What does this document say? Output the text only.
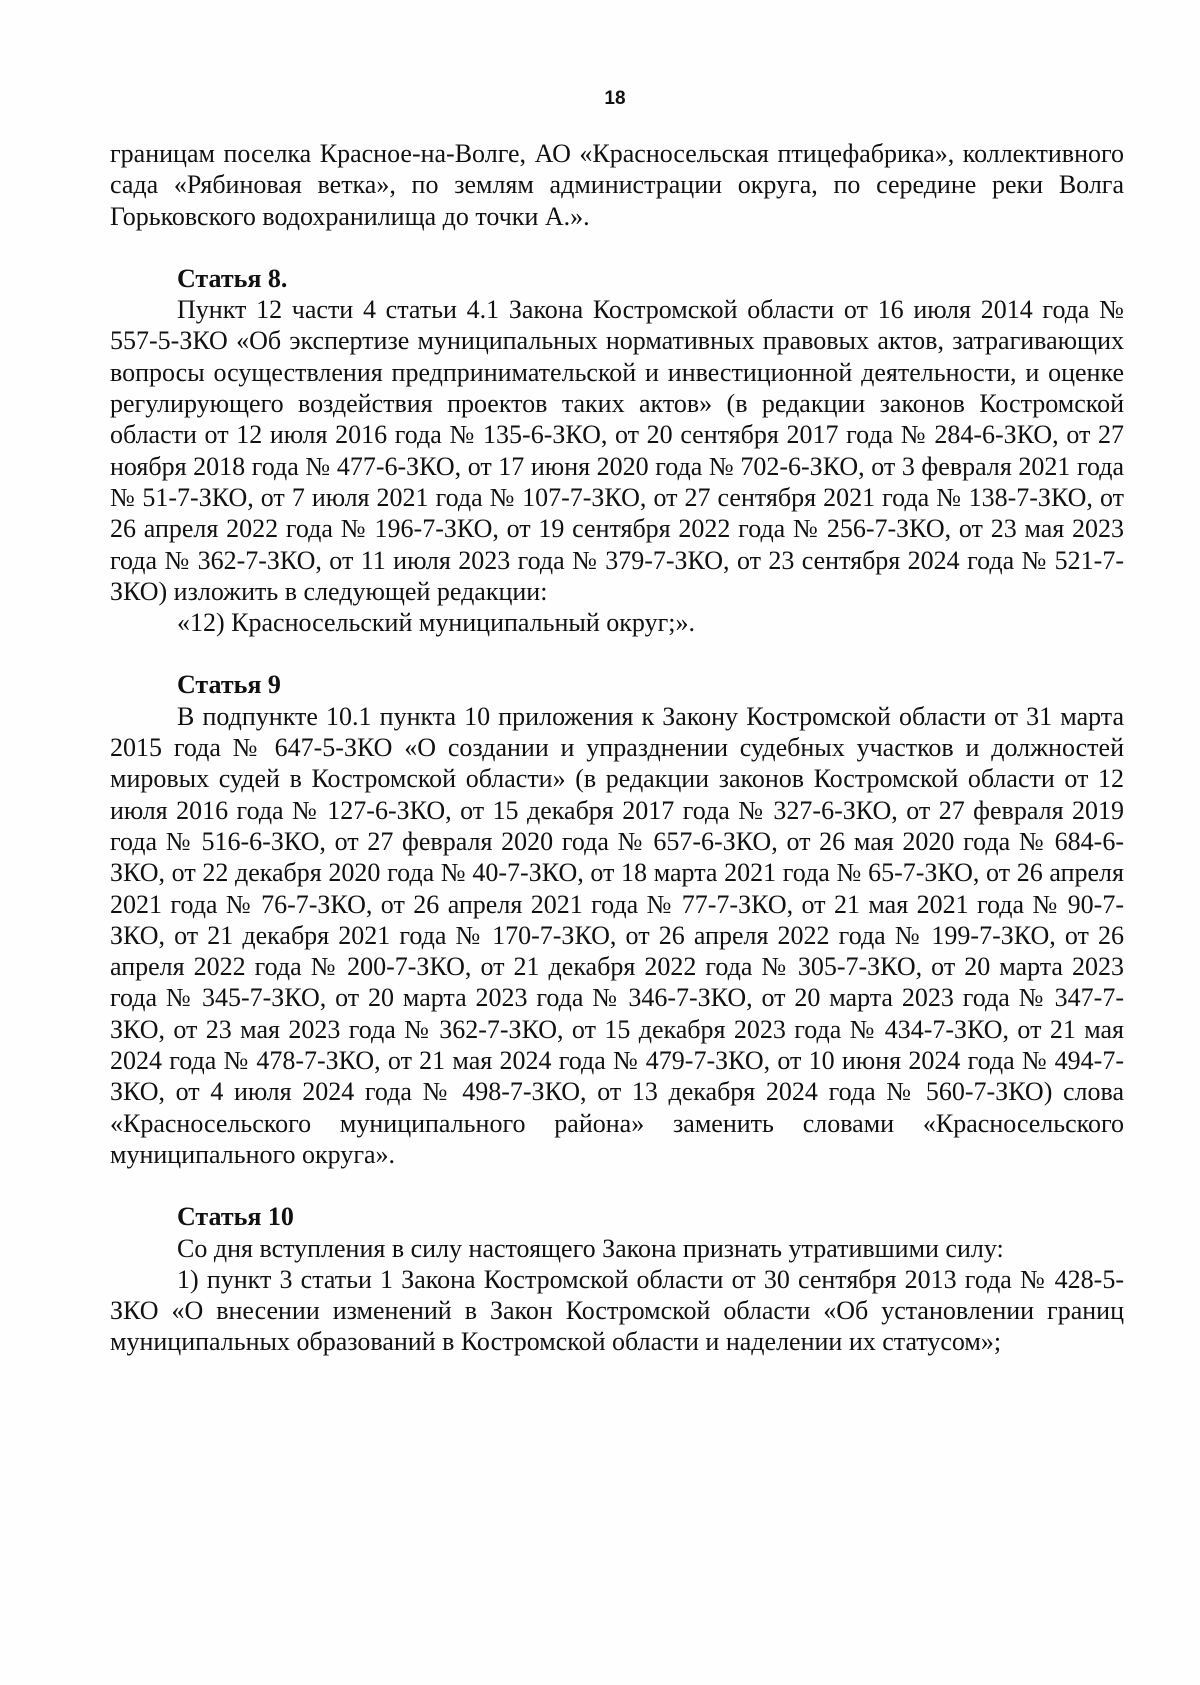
18

границам поселка Красное-на-Волге, АО «Красносельская птицефабрика», коллективного сада «Рябиновая ветка», по землям администрации округа, по середине реки Волга Горьковского водохранилища до точки А.».

Статья 8.

Пункт 12 части 4 статьи 4.1 Закона Костромской области от 16 июля 2014 года № 557-5-ЗКО «Об экспертизе муниципальных нормативных правовых актов, затрагивающих вопросы осуществления предпринимательской и инвестиционной деятельности, и оценке регулирующего воздействия проектов таких актов» (в редакции законов Костромской области от 12 июля 2016 года № 135-6-ЗКО, от 20 сентября 2017 года № 284-6-ЗКО, от 27 ноября 2018 года № 477-6-ЗКО, от 17 июня 2020 года № 702-6-ЗКО, от 3 февраля 2021 года № 51-7-ЗКО, от 7 июля 2021 года № 107-7-ЗКО, от 27 сентября 2021 года № 138-7-ЗКО, от 26 апреля 2022 года № 196-7-ЗКО, от 19 сентября 2022 года № 256-7-ЗКО, от 23 мая 2023 года № 362-7-ЗКО, от 11 июля 2023 года № 379-7-ЗКО, от 23 сентября 2024 года № 521-7-ЗКО) изложить в следующей редакции:

«12) Красносельский муниципальный округ;».

Статья 9

В подпункте 10.1 пункта 10 приложения к Закону Костромской области от 31 марта 2015 года № 647-5-ЗКО «О создании и упразднении судебных участков и должностей мировых судей в Костромской области» (в редакции законов Костромской области от 12 июля 2016 года № 127-6-ЗКО, от 15 декабря 2017 года № 327-6-ЗКО, от 27 февраля 2019 года № 516-6-ЗКО, от 27 февраля 2020 года № 657-6-ЗКО, от 26 мая 2020 года № 684-6-ЗКО, от 22 декабря 2020 года № 40-7-ЗКО, от 18 марта 2021 года № 65-7-ЗКО, от 26 апреля 2021 года № 76-7-ЗКО, от 26 апреля 2021 года № 77-7-ЗКО, от 21 мая 2021 года № 90-7-ЗКО, от 21 декабря 2021 года № 170-7-ЗКО, от 26 апреля 2022 года № 199-7-ЗКО, от 26 апреля 2022 года № 200-7-ЗКО, от 21 декабря 2022 года № 305-7-ЗКО, от 20 марта 2023 года № 345-7-ЗКО, от 20 марта 2023 года № 346-7-ЗКО, от 20 марта 2023 года № 347-7-ЗКО, от 23 мая 2023 года № 362-7-ЗКО, от 15 декабря 2023 года № 434-7-ЗКО, от 21 мая 2024 года № 478-7-ЗКО, от 21 мая 2024 года № 479-7-ЗКО, от 10 июня 2024 года № 494-7-ЗКО, от 4 июля 2024 года № 498-7-ЗКО, от 13 декабря 2024 года № 560-7-ЗКО) слова «Красносельского муниципального района» заменить словами «Красносельского муниципального округа».

Статья 10

Со дня вступления в силу настоящего Закона признать утратившими силу:

1) пункт 3 статьи 1 Закона Костромской области от 30 сентября 2013 года № 428-5-ЗКО «О внесении изменений в Закон Костромской области «Об установлении границ муниципальных образований в Костромской области и наделении их статусом»;
